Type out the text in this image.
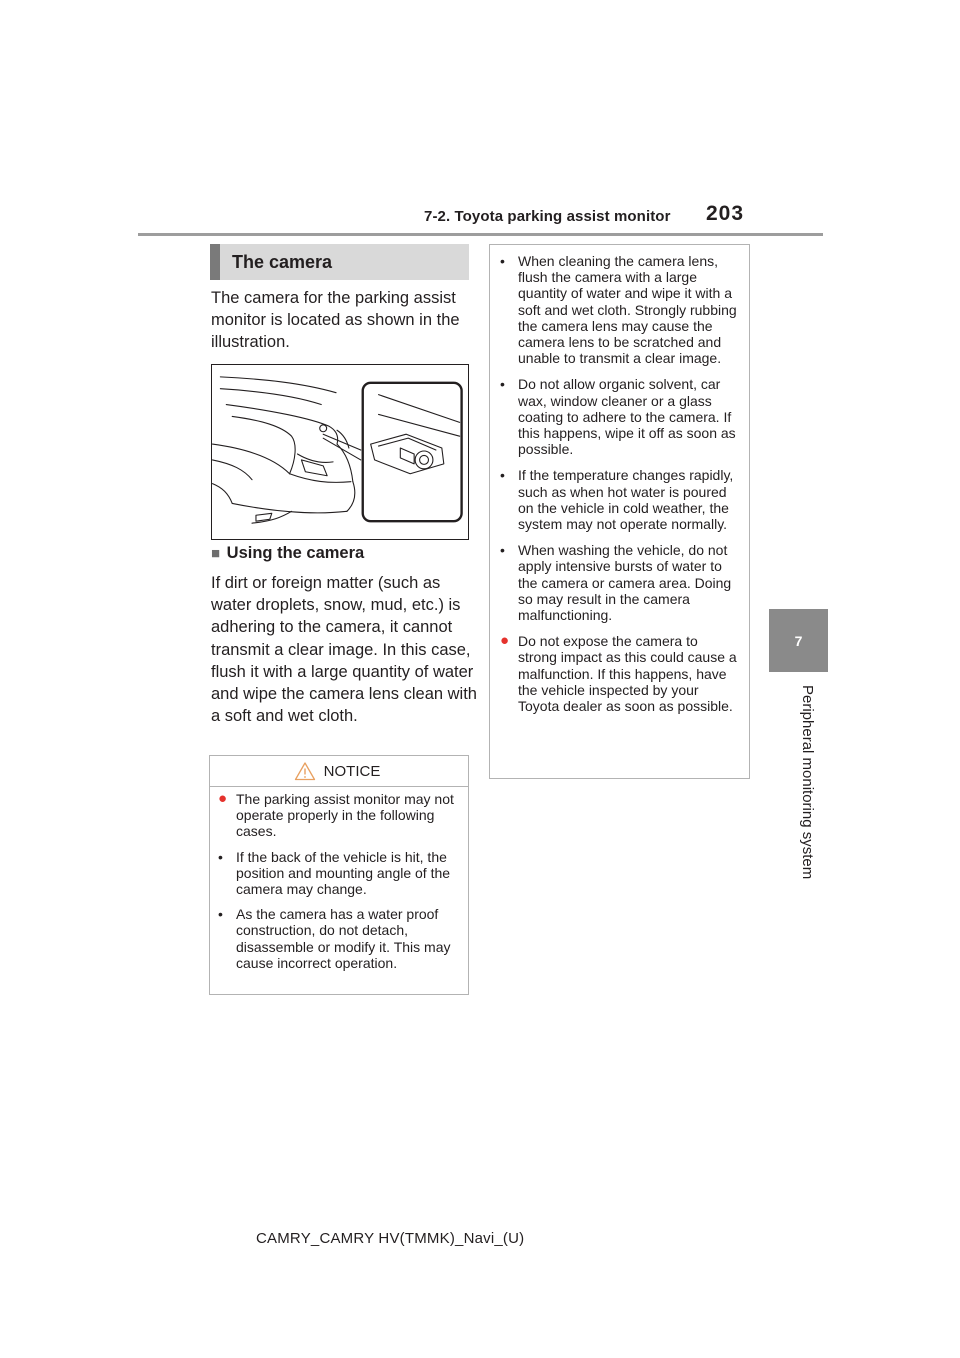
7-2. Toyota parking assist monitor 203
7
Peripheral monitoring system
The camera

The camera for the parking assist monitor is located as shown in the illustration.

■ Using the camera

If dirt or foreign matter (such as water droplets, snow, mud, etc.) is adhering to the camera, it cannot transmit a clear image. In this case, flush it with a large quantity of water and wipe the camera lens clean with a soft and wet cloth.

NOTICE
● The parking assist monitor may not operate properly in the following cases.
• If the back of the vehicle is hit, the position and mounting angle of the camera may change.
• As the camera has a water proof construction, do not detach, disassemble or modify it. This may cause incorrect operation.
• When cleaning the camera lens, flush the camera with a large quantity of water and wipe it with a soft and wet cloth. Strongly rubbing the camera lens may cause the camera lens to be scratched and unable to transmit a clear image.
• Do not allow organic solvent, car wax, window cleaner or a glass coating to adhere to the camera. If this happens, wipe it off as soon as possible.
• If the temperature changes rapidly, such as when hot water is poured on the vehicle in cold weather, the system may not operate normally.
• When washing the vehicle, do not apply intensive bursts of water to the camera or camera area. Doing so may result in the camera malfunctioning.
● Do not expose the camera to strong impact as this could cause a malfunction. If this happens, have the vehicle inspected by your Toyota dealer as soon as possible.
CAMRY_CAMRY HV(TMMK)_Navi_(U)
